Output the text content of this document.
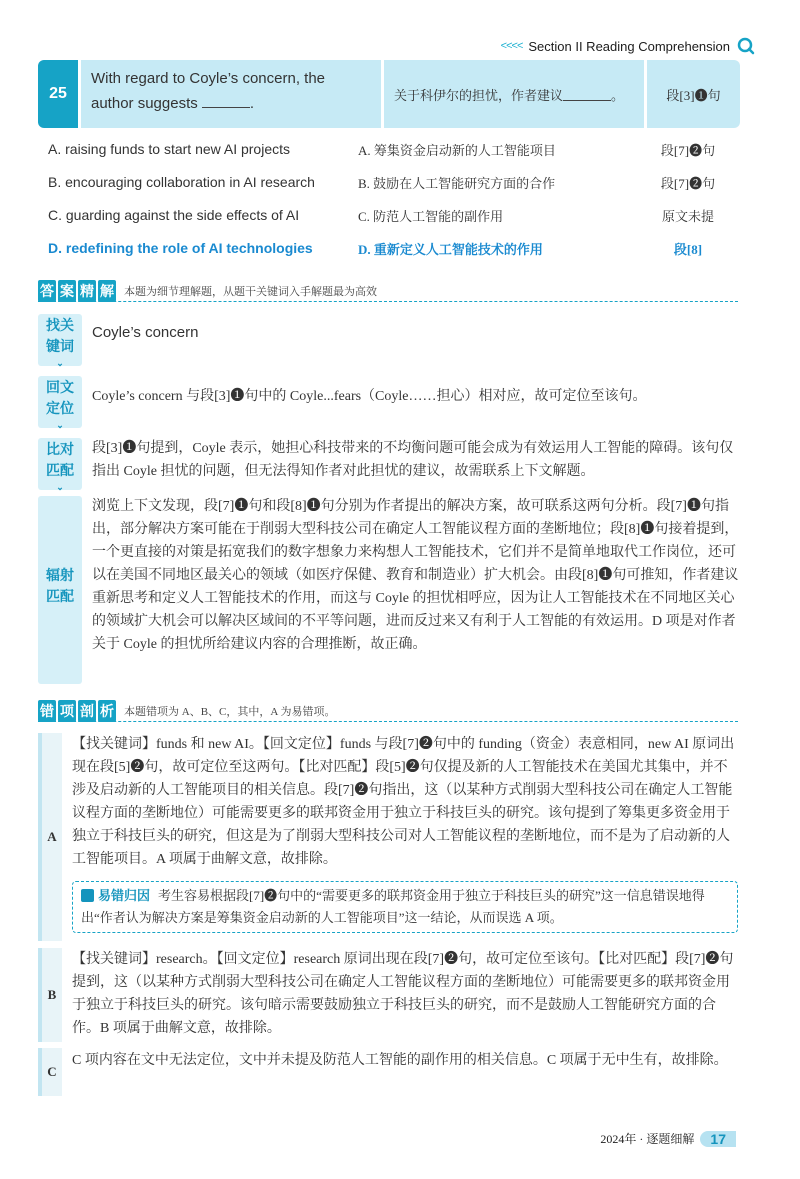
<<<< Section II Reading Comprehension
25
With regard to Coyle’s concern, the author suggests	.	关于科伊尔的担忧，作者建议	。	段[3]❶句
A. raising funds to start new AI projects	A. 筹集资金启动新的人工智能项目	段[7]❷句
B. encouraging collaboration in AI research	B. 鼓励在人工智能研究方面的合作	段[7]❷句
C. guarding against the side effects of AI	C. 防范人工智能的副作用	原文未提
D. redefining the role of AI technologies	D. 重新定义人工智能技术的作用	段[8]
答 案 精 解 本题为细节理解题，从题干关键词入手解题最为高效
找关
键词
⌄
Coyle’s concern
回文
定位
⌄
Coyle’s concern 与段[3]❶句中的 Coyle...fears（Coyle……担心）相对应，故可定位至该句。
比对
匹配
⌄
段[3]❶句提到，Coyle 表示，她担心科技带来的不均衡问题可能会成为有效运用人工智能的障碍。该句仅指出 Coyle 担忧的问题，但无法得知作者对此担忧的建议，故需联系上下文解题。
辐射
匹配
浏览上下文发现，段[7]❶句和段[8]❶句分别为作者提出的解决方案，故可联系这两句分析。段[7]❶句指出，部分解决方案可能在于削弱大型科技公司在确定人工智能议程方面的垄断地位；段[8]❶句接着提到，一个更直接的对策是拓宽我们的数字想象力来构想人工智能技术，它们并不是简单地取代工作岗位，还可以在美国不同地区最关心的领域（如医疗保健、教育和制造业）扩大机会。由段[8]❶句可推知，作者建议重新思考和定义人工智能技术的作用，而这与 Coyle 的担忧相呼应，因为让人工智能技术在不同地区关心的领域扩大机会可以解决区域间的不平等问题，进而反过来又有利于人工智能的有效运用。D 项是对作者关于 Coyle 的担忧所给建议内容的合理推断，故正确。
错 项 剖 析 本题错项为 A、B、C，其中，A 为易错项。
A
【找关键词】funds 和 new AI。【回文定位】funds 与段[7]❷句中的 funding（资金）表意相同，new AI 原词出现在段[5]❷句，故可定位至这两句。【比对匹配】段[5]❷句仅提及新的人工智能技术在美国尤其集中，并不涉及启动新的人工智能项目的相关信息。段[7]❷句指出，这（以某种方式削弱大型科技公司在确定人工智能议程方面的垄断地位）可能需要更多的联邦资金用于独立于科技巨头的研究。该句提到了筹集更多资金用于独立于科技巨头的研究，但这是为了削弱大型科技公司对人工智能议程的垄断地位，而不是为了启动新的人工智能项目。A 项属于曲解文意，故排除。
易错归因 考生容易根据段[7]❷句中的“需要更多的联邦资金用于独立于科技巨头的研究”这一信息错误地得出“作者认为解决方案是筹集资金启动新的人工智能项目”这一结论，从而误选 A 项。
B
【找关键词】research。【回文定位】research 原词出现在段[7]❷句，故可定位至该句。【比对匹配】段[7]❷句提到，这（以某种方式削弱大型科技公司在确定人工智能议程方面的垄断地位）可能需要更多的联邦资金用于独立于科技巨头的研究。该句暗示需要鼓励独立于科技巨头的研究，而不是鼓励人工智能研究方面的合作。B 项属于曲解文意，故排除。
C
C 项内容在文中无法定位，文中并未提及防范人工智能的副作用的相关信息。C 项属于无中生有，故排除。
2024年 · 逐题细解	17
